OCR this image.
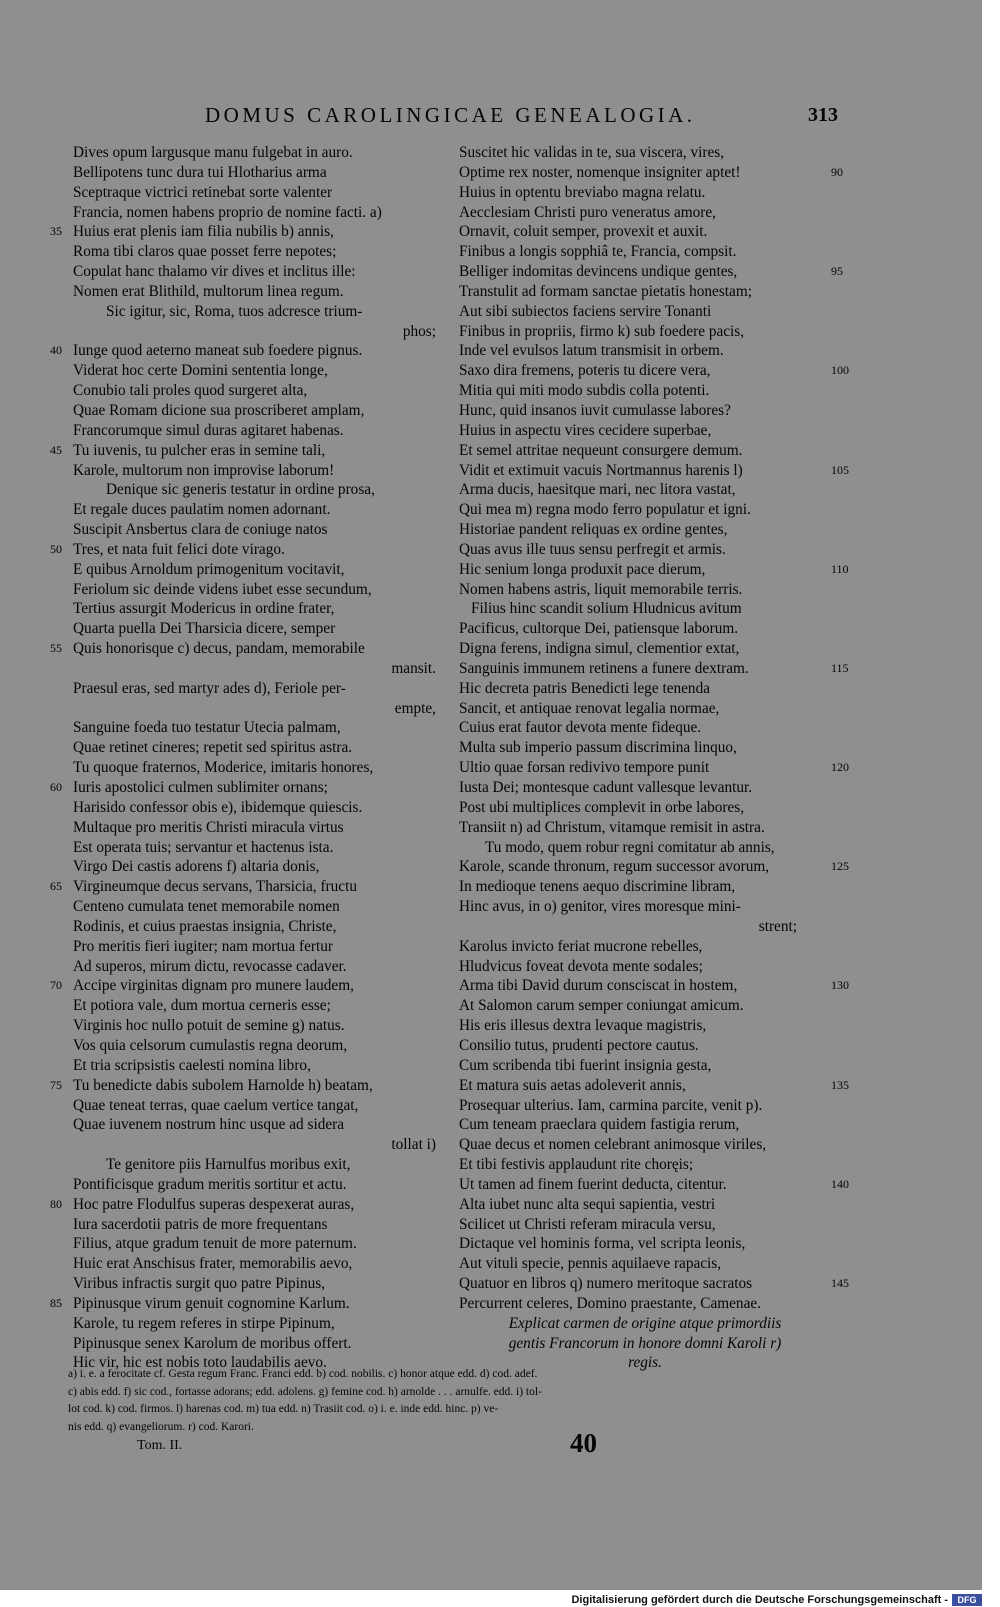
DOMUS CAROLINGICAE GENEALOGIA.	313
Dives opum largusque manu fulgebat in auro.
Bellipotens tunc dura tui Hlotharius arma
Sceptraque victrici retinebat sorte valenter
Francia, nomen habens proprio de nomine facti. a)
Huius erat plenis iam filia nubilis b) annis,
35
Roma tibi claros quae posset ferre nepotes;
Copulat hanc thalamo vir dives et inclitus ille:
Nomen erat Blithild, multorum linea regum.
Sic igitur, sic, Roma, tuos adcresce trium-
phos;
Iunge quod aeterno maneat sub foedere pignus.
40
Viderat hoc certe Domini sententia longe,
Conubio tali proles quod surgeret alta,
Quae Romam dicione sua proscriberet amplam,
Francorumque simul duras agitaret habenas.
Tu iuvenis, tu pulcher eras in semine tali,
45
Karole, multorum non improvise laborum!
Denique sic generis testatur in ordine prosa,
Et regale duces paulatim nomen adornant.
Suscipit Ansbertus clara de coniuge natos
Tres, et nata fuit felici dote virago.
50
E quibus Arnoldum primogenitum vocitavit,
Feriolum sic deinde videns iubet esse secundum,
Tertius assurgit Modericus in ordine frater,
Quarta puella Dei Tharsicia dicere, semper
Quis honorisque c) decus, pandam, memorabile
55
mansit.
Praesul eras, sed martyr ades d), Feriole per-
empte,
Sanguine foeda tuo testatur Utecia palmam,
Quae retinet cineres; repetit sed spiritus astra.
Tu quoque fraternos, Moderice, imitaris honores,
Iuris apostolici culmen sublimiter ornans;
60
Harisido confessor obis e), ibidemque quiescis.
Multaque pro meritis Christi miracula virtus
Est operata tuis; servantur et hactenus ista.
Virgo Dei castis adorens f) altaria donis,
Virgineumque decus servans, Tharsicia, fructu
65
Centeno cumulata tenet memorabile nomen
Rodinis, et cuius praestas insignia, Christe,
Pro meritis fieri iugiter; nam mortua fertur
Ad superos, mirum dictu, revocasse cadaver.
Accipe virginitas dignam pro munere laudem,
70
Et potiora vale, dum mortua cerneris esse;
Virginis hoc nullo potuit de semine g) natus.
Vos quia celsorum cumulastis regna deorum,
Et tria scripsistis caelesti nomina libro,
Tu benedicte dabis subolem Harnolde h) beatam,
75
Quae teneat terras, quae caelum vertice tangat,
Quae iuvenem nostrum hinc usque ad sidera
tollat i)
Te genitore piis Harnulfus moribus exit,
Pontificisque gradum meritis sortitur et actu.
Hoc patre Flodulfus superas despexerat auras,
80
Iura sacerdotii patris de more frequentans
Filius, atque gradum tenuit de more paternum.
Huic erat Anschisus frater, memorabilis aevo,
Viribus infractis surgit quo patre Pipinus,
Pipinusque virum genuit cognomine Karlum.
85
Karole, tu regem referes in stirpe Pipinum,
Pipinusque senex Karolum de moribus offert.
Hic vir, hic est nobis toto laudabilis aevo.
Suscitet hic validas in te, sua viscera, vires,
Optime rex noster, nomenque insigniter aptet!	90
Huius in optentu breviabo magna relatu.
Aecclesiam Christi puro veneratus amore,
Ornavit, coluit semper, provexit et auxit.
Finibus a longis sopphiâ te, Francia, compsit.
Belliger indomitas devincens undique gentes,	95
Transtulit ad formam sanctae pietatis honestam;
Aut sibi subiectos faciens servire Tonanti
Finibus in propriis, firmo k) sub foedere pacis,
Inde vel evulsos latum transmisit in orbem.
Saxo dira fremens, poteris tu dicere vera,	100
Mitia qui miti modo subdis colla potenti.
Hunc, quid insanos iuvit cumulasse labores?
Huius in aspectu vires cecidere superbae,
Et semel attritae nequeunt consurgere demum.
Vidit et extimuit vacuis Nortmannus harenis l)	105
Arma ducis, haesitque mari, nec litora vastat,
Qui mea m) regna modo ferro populatur et igni.
Historiae pandent reliquas ex ordine gentes,
Quas avus ille tuus sensu perfregit et armis.
Hic senium longa produxit pace dierum,	110
Nomen habens astris, liquit memorabile terris.
Filius hinc scandit solium Hludnicus avitum
Pacificus, cultorque Dei, patiensque laborum.
Digna ferens, indigna simul, clementior extat,
Sanguinis immunem retinens a funere dextram.	115
Hic decreta patris Benedicti lege tenenda
Sancit, et antiquae renovat legalia normae,
Cuius erat fautor devota mente fideque.
Multa sub imperio passum discrimina linquo,
Ultio quae forsan redivivo tempore punit	120
Iusta Dei; montesque cadunt vallesque levantur.
Post ubi multiplices complevit in orbe labores,
Transiit n) ad Christum, vitamque remisit in astra.
Tu modo, quem robur regni comitatur ab annis,
Karole, scande thronum, regum successor avorum,	125
In medioque tenens aequo discrimine libram,
Hinc avus, in o) genitor, vires moresque mini-
strent;
Karolus invicto feriat mucrone rebelles,
Hludvicus foveat devota mente sodales;
Arma tibi David durum consciscat in hostem,	130
At Salomon carum semper coniungat amicum.
His eris illesus dextra levaque magistris,
Consilio tutus, prudenti pectore cautus.
Cum scribenda tibi fuerint insignia gesta,
Et matura suis aetas adoleverit annis,	135
Prosequar ulterius. Iam, carmina parcite, venit p).
Cum teneam praeclara quidem fastigia rerum,
Quae decus et nomen celebrant animosque viriles,
Et tibi festivis applaudunt rite choręis;
Ut tamen ad finem fuerint deducta, citentur.	140
Alta iubet nunc alta sequi sapientia, vestri
Scilicet ut Christi referam miracula versu,
Dictaque vel hominis forma, vel scripta leonis,
Aut vituli specie, pennis aquilaeve rapacis,
Quatuor en libros q) numero meritoque sacratos	145
Percurrent celeres, Domino praestante, Camenae.
Explicat carmen de origine atque primordiis
gentis Francorum in honore domni Karoli r)
regis.
a) i. e. a ferocitate cf. Gesta regum Franc. Franci edd. b) cod. nobilis. c) honor atque edd. d) cod. adef.
c) abis edd. f) sic cod., fortasse adorans; edd. adolens. g) femine cod. h) arnolde . . . arnulfe. edd. i) tol-
lot cod. k) cod. firmos. l) harenas cod. m) tua edd. n) Trasiit cod. o) i. e. inde edd. hinc. p) ve-
nis edd. q) evangeliorum. r) cod. Karori.
Tom. II.	40
Digitalisierung gefördert durch die Deutsche Forschungsgemeinschaft -	DFG
